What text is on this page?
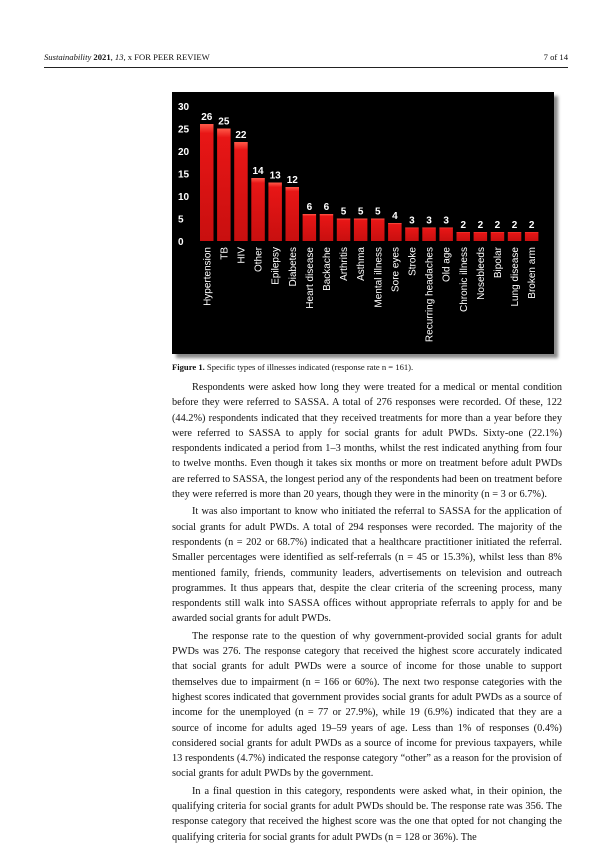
Sustainability 2021, 13, x FOR PEER REVIEW	7 of 14
0
5
10
15
20
25
30
26 25
22
14 13 12
6 6 5 5 5 4 3 3 3 2 2 2 2 2
Hypertension TB HIV Other Epilepsy Diabetes Heart disease Backache Arthritis Asthma Mental illness Sore eyes Stroke Recurring headaches Old age Chronic illness Nosebleeds Bipolar Lung disease Broken arm
Figure 1. Specific types of illnesses indicated (response rate n = 161).

Respondents were asked how long they were treated for a medical or mental condition before they were referred to SASSA. A total of 276 responses were recorded. Of these, 122 (44.2%) respondents indicated that they received treatments for more than a year before they were referred to SASSA to apply for social grants for adult PWDs. Sixty-one (22.1%) respondents indicated a period from 1–3 months, whilst the rest indicated anything from four to twelve months. Even though it takes six months or more on treatment before adult PWDs are referred to SASSA, the longest period any of the respondents had been on treatment before they were referred is more than 20 years, though they were in the minority (n = 3 or 6.7%).

It was also important to know who initiated the referral to SASSA for the application of social grants for adult PWDs. A total of 294 responses were recorded. The majority of the respondents (n = 202 or 68.7%) indicated that a healthcare practitioner initiated the referral. Smaller percentages were identified as self-referrals (n = 45 or 15.3%), whilst less than 8% mentioned family, friends, community leaders, advertisements on television and outreach programmes. It thus appears that, despite the clear criteria of the screening process, many respondents still walk into SASSA offices without appropriate referrals to apply for and be awarded social grants for adult PWDs.

The response rate to the question of why government-provided social grants for adult PWDs was 276. The response category that received the highest score accurately indicated that social grants for adult PWDs were a source of income for those unable to support themselves due to impairment (n = 166 or 60%). The next two response categories with the highest scores indicated that government provides social grants for adult PWDs as a source of income for the unemployed (n = 77 or 27.9%), while 19 (6.9%) indicated that they are a source of income for adults aged 19–59 years of age. Less than 1% of responses (0.4%) considered social grants for adult PWDs as a source of income for previous taxpayers, while 13 respondents (4.7%) indicated the response category “other” as a reason for the provision of social grants for adult PWDs by the government.

In a final question in this category, respondents were asked what, in their opinion, the qualifying criteria for social grants for adult PWDs should be. The response rate was 356. The response category that received the highest score was the one that opted for not changing the qualifying criteria for social grants for adult PWDs (n = 128 or 36%). The
